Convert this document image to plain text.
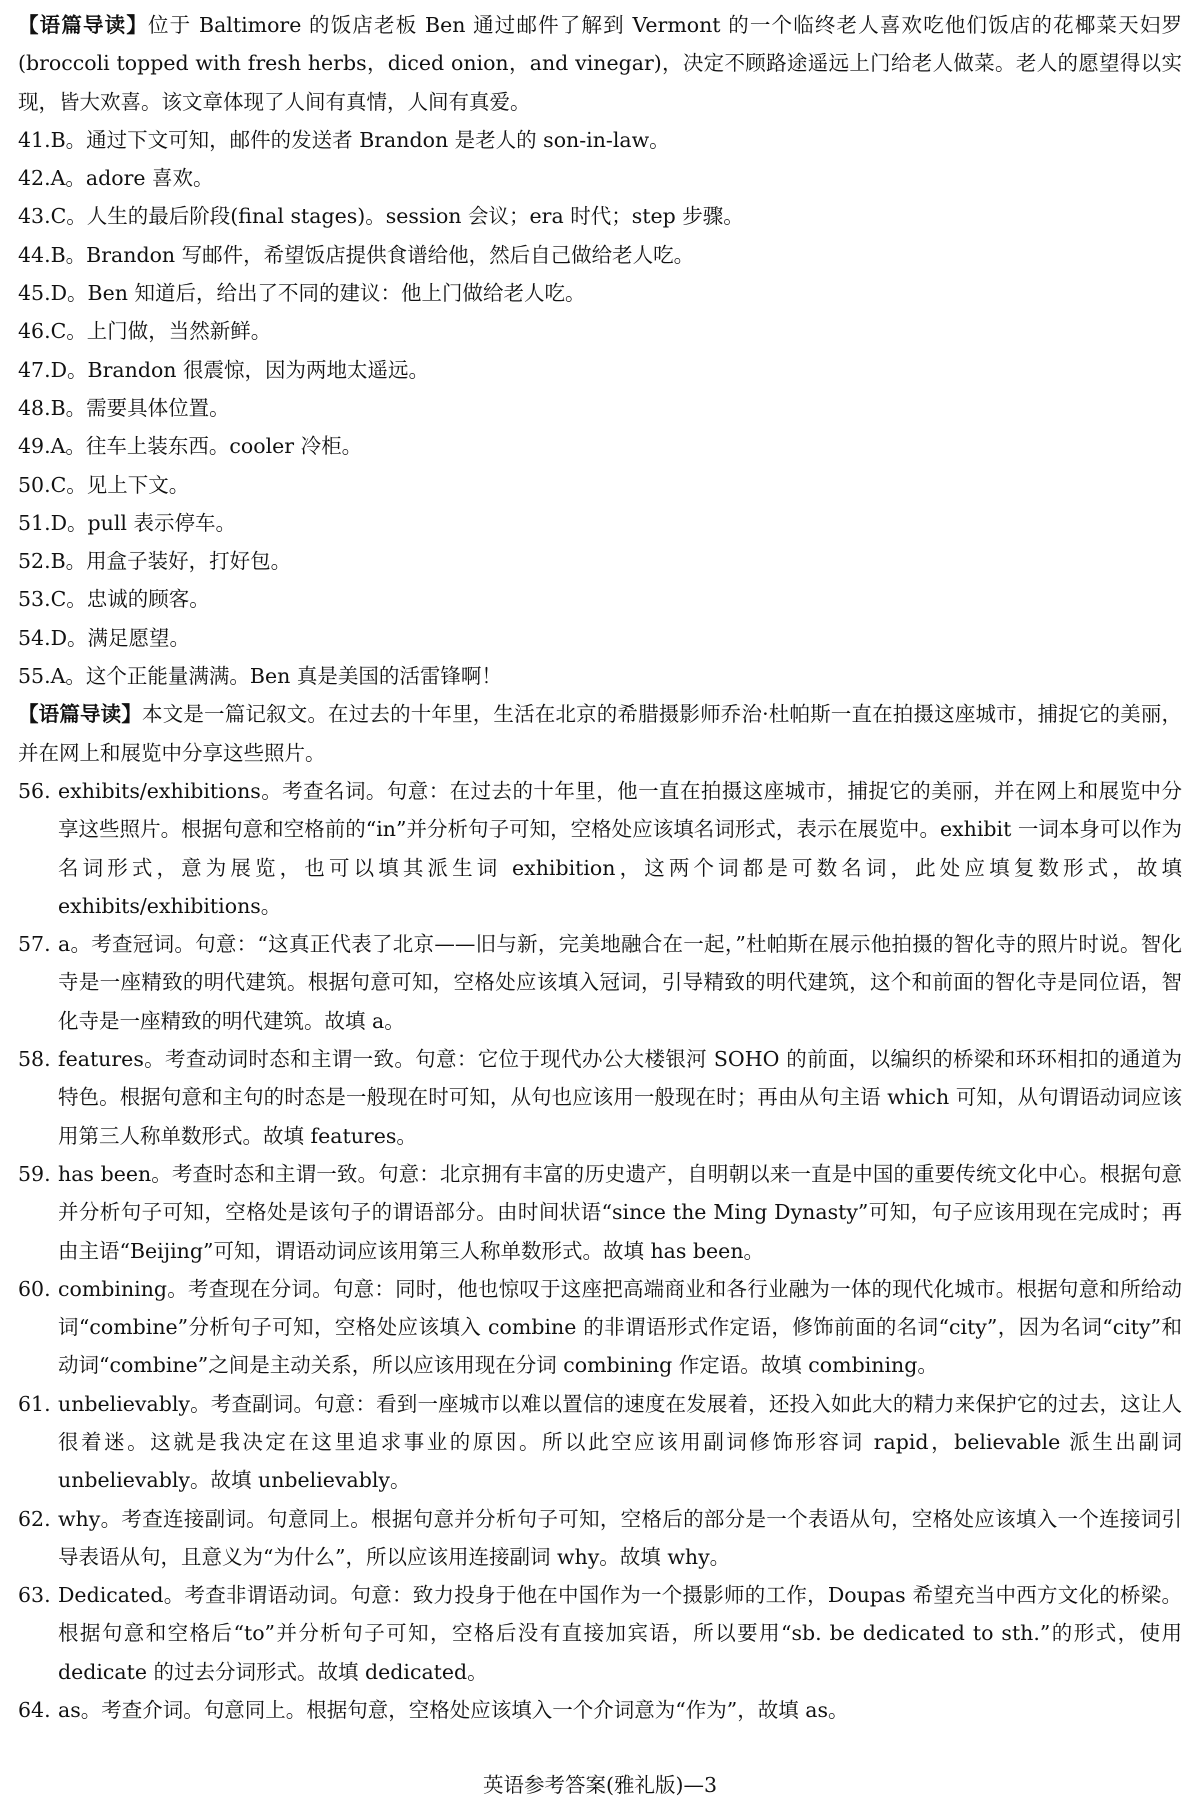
【语篇导读】位于 Baltimore 的饭店老板 Ben 通过邮件了解到 Vermont 的一个临终老人喜欢吃他们饭店的花椰菜天妇罗(broccoli topped with fresh herbs，diced onion，and vinegar)，决定不顾路途遥远上门给老人做菜。老人的愿望得以实现，皆大欢喜。该文章体现了人间有真情，人间有真爱。
41.B。通过下文可知，邮件的发送者 Brandon 是老人的 son-in-law。
42.A。adore 喜欢。
43.C。人生的最后阶段(final stages)。session 会议；era 时代；step 步骤。
44.B。Brandon 写邮件，希望饭店提供食谱给他，然后自己做给老人吃。
45.D。Ben 知道后，给出了不同的建议：他上门做给老人吃。
46.C。上门做，当然新鲜。
47.D。Brandon 很震惊，因为两地太遥远。
48.B。需要具体位置。
49.A。往车上装东西。cooler 冷柜。
50.C。见上下文。
51.D。pull 表示停车。
52.B。用盒子装好，打好包。
53.C。忠诚的顾客。
54.D。满足愿望。
55.A。这个正能量满满。Ben 真是美国的活雷锋啊！
【语篇导读】本文是一篇记叙文。在过去的十年里，生活在北京的希腊摄影师乔治·杜帕斯一直在拍摄这座城市，捕捉它的美丽，并在网上和展览中分享这些照片。
56. exhibits/exhibitions。考查名词。句意：在过去的十年里，他一直在拍摄这座城市，捕捉它的美丽，并在网上和展览中分享这些照片。根据句意和空格前的“in”并分析句子可知，空格处应该填名词形式，表示在展览中。exhibit 一词本身可以作为名词形式，意为展览，也可以填其派生词 exhibition，这两个词都是可数名词，此处应填复数形式，故填 exhibits/exhibitions。
57. a。考查冠词。句意：“这真正代表了北京——旧与新，完美地融合在一起，”杜帕斯在展示他拍摄的智化寺的照片时说。智化寺是一座精致的明代建筑。根据句意可知，空格处应该填入冠词，引导精致的明代建筑，这个和前面的智化寺是同位语，智化寺是一座精致的明代建筑。故填 a。
58. features。考查动词时态和主谓一致。句意：它位于现代办公大楼银河 SOHO 的前面，以编织的桥梁和环环相扣的通道为特色。根据句意和主句的时态是一般现在时可知，从句也应该用一般现在时；再由从句主语 which 可知，从句谓语动词应该用第三人称单数形式。故填 features。
59. has been。考查时态和主谓一致。句意：北京拥有丰富的历史遗产，自明朝以来一直是中国的重要传统文化中心。根据句意并分析句子可知，空格处是该句子的谓语部分。由时间状语“since the Ming Dynasty”可知，句子应该用现在完成时；再由主语“Beijing”可知，谓语动词应该用第三人称单数形式。故填 has been。
60. combining。考查现在分词。句意：同时，他也惊叹于这座把高端商业和各行业融为一体的现代化城市。根据句意和所给动词“combine”分析句子可知，空格处应该填入 combine 的非谓语形式作定语，修饰前面的名词“city”，因为名词“city”和动词“combine”之间是主动关系，所以应该用现在分词 combining 作定语。故填 combining。
61. unbelievably。考查副词。句意：看到一座城市以难以置信的速度在发展着，还投入如此大的精力来保护它的过去，这让人很着迷。这就是我决定在这里追求事业的原因。所以此空应该用副词修饰形容词 rapid，believable 派生出副词 unbelievably。故填 unbelievably。
62. why。考查连接副词。句意同上。根据句意并分析句子可知，空格后的部分是一个表语从句，空格处应该填入一个连接词引导表语从句，且意义为“为什么”，所以应该用连接副词 why。故填 why。
63. Dedicated。考查非谓语动词。句意：致力投身于他在中国作为一个摄影师的工作，Doupas 希望充当中西方文化的桥梁。根据句意和空格后“to”并分析句子可知，空格后没有直接加宾语，所以要用“sb. be dedicated to sth.”的形式，使用 dedicate 的过去分词形式。故填 dedicated。
64. as。考查介词。句意同上。根据句意，空格处应该填入一个介词意为“作为”，故填 as。
英语参考答案(雅礼版)—3
